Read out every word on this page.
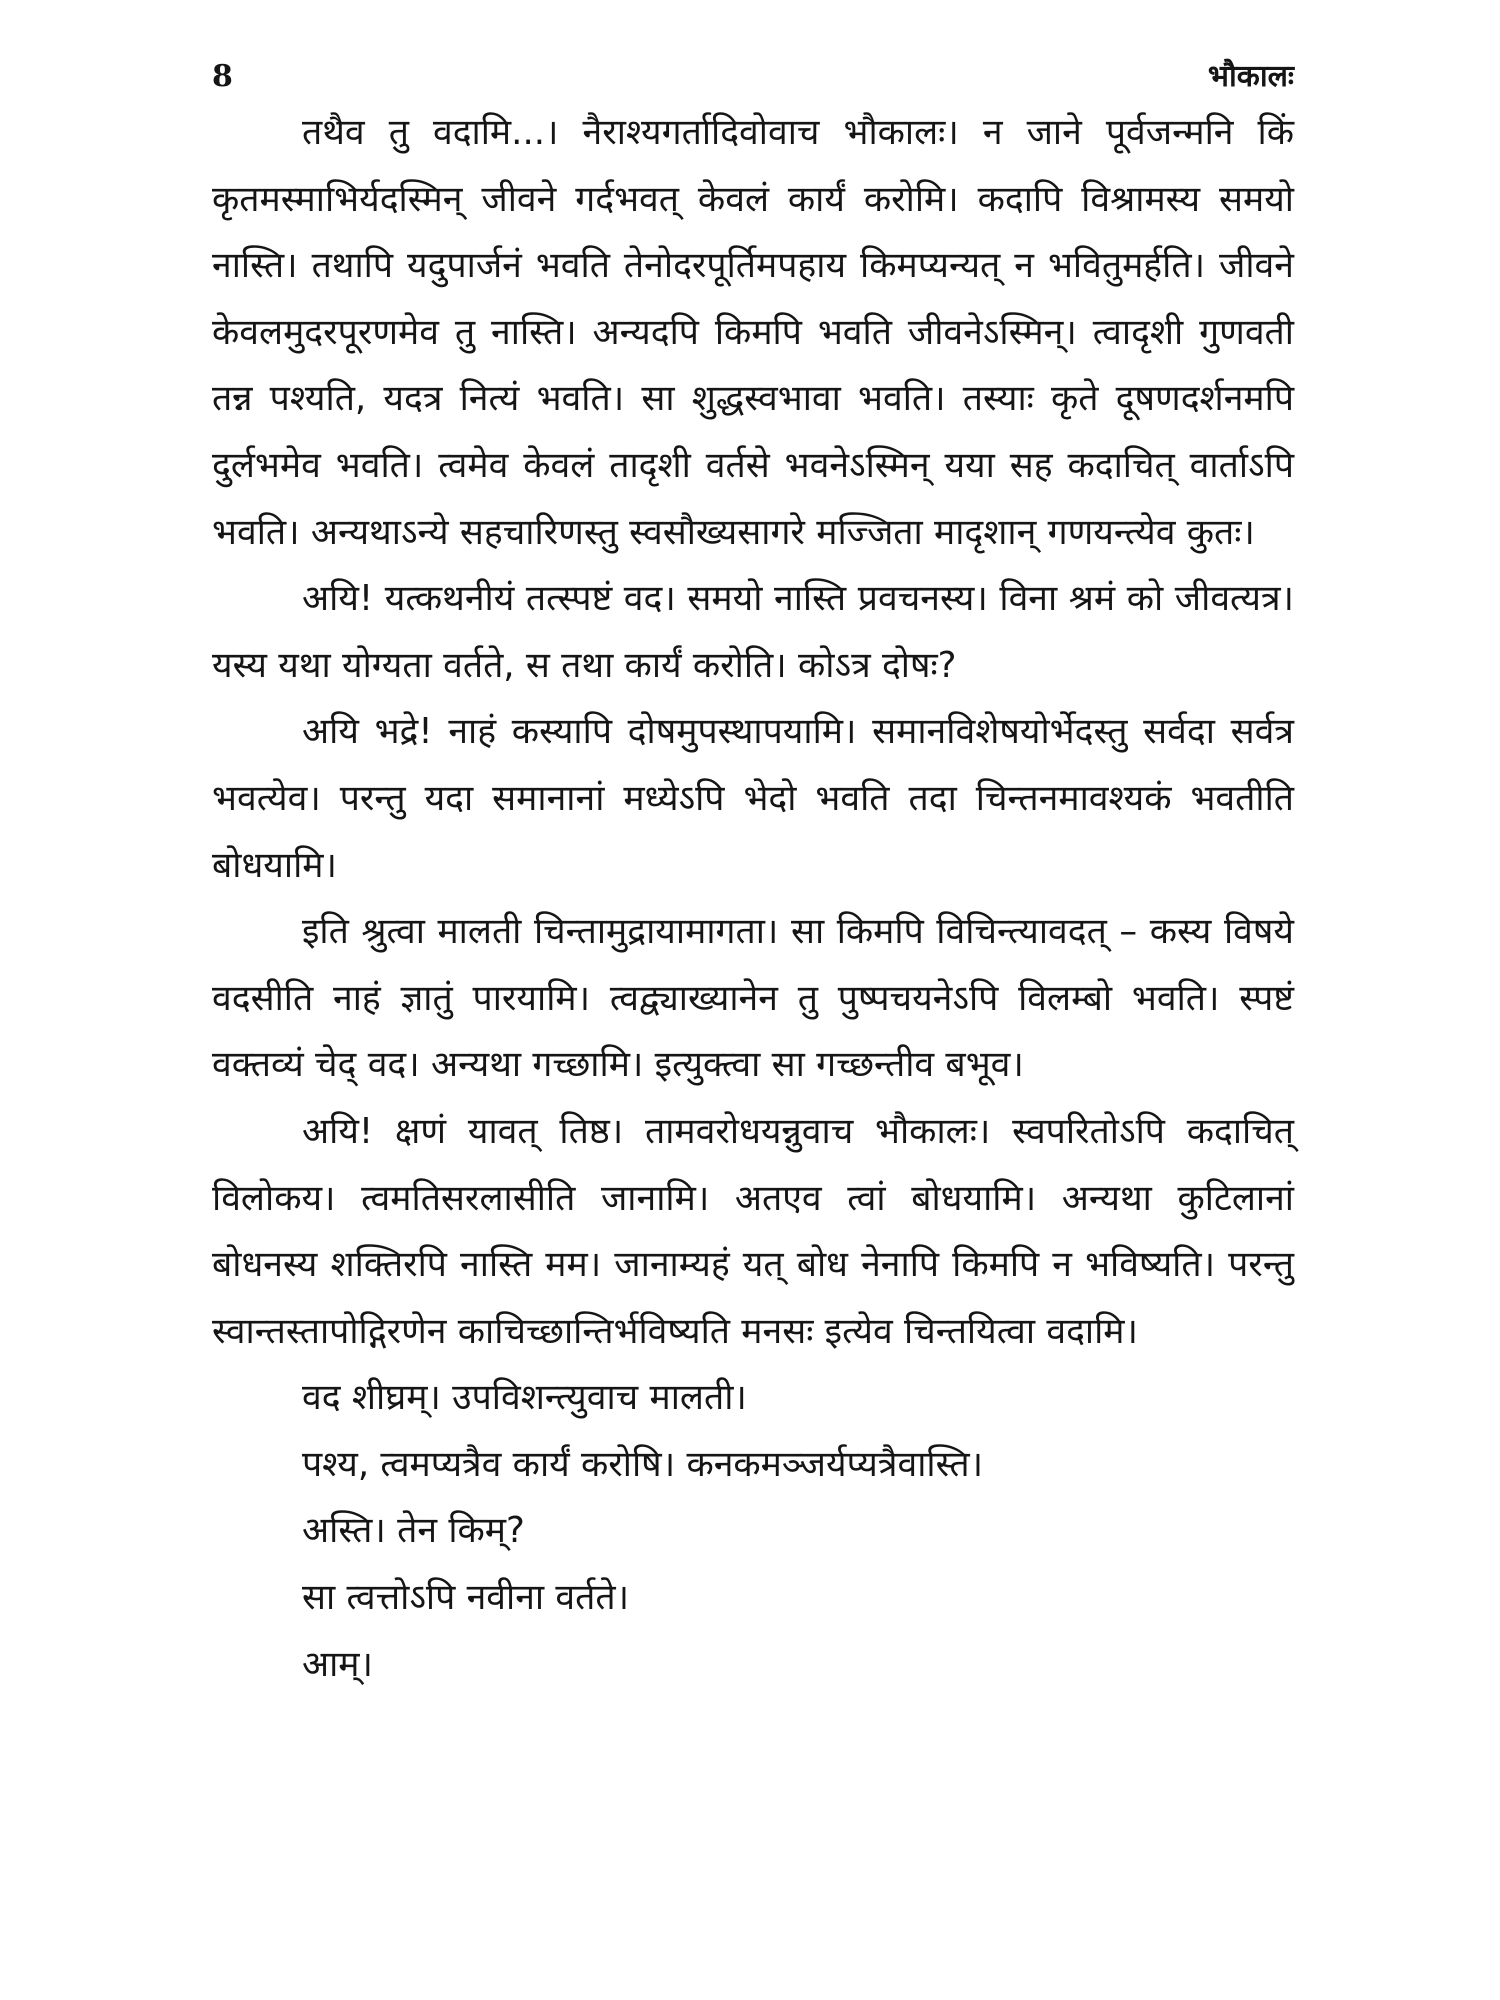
8	भौकालः

तथैव तु वदामि...। नैराश्यगर्तादिवोवाच भौकालः। न जाने पूर्वजन्मनि किं कृतमस्माभिर्यदस्मिन् जीवने गर्दभवत् केवलं कार्यं करोमि। कदापि विश्रामस्य समयो नास्ति। तथापि यदुपार्जनं भवति तेनोदरपूर्तिमपहाय किमप्यन्यत् न भवितुमर्हति। जीवने केवलमुदरपूरणमेव तु नास्ति। अन्यदपि किमपि भवति जीवनेऽस्मिन्। त्वादृशी गुणवती तन्न पश्यति, यदत्र नित्यं भवति। सा शुद्धस्वभावा भवति। तस्याः कृते दूषणदर्शनमपि दुर्लभमेव भवति। त्वमेव केवलं तादृशी वर्तसे भवनेऽस्मिन् यया सह कदाचित् वार्ताऽपि भवति। अन्यथाऽन्ये सहचारिणस्तु स्वसौख्यसागरे मज्जिता मादृशान् गणयन्त्येव कुतः।

अयि! यत्कथनीयं तत्स्पष्टं वद। समयो नास्ति प्रवचनस्य। विना श्रमं को जीवत्यत्र। यस्य यथा योग्यता वर्तते, स तथा कार्यं करोति। कोऽत्र दोषः?

अयि भद्रे! नाहं कस्यापि दोषमुपस्थापयामि। समानविशेषयोर्भेदस्तु सर्वदा सर्वत्र भवत्येव। परन्तु यदा समानानां मध्येऽपि भेदो भवति तदा चिन्तनमावश्यकं भवतीति बोधयामि।

इति श्रुत्वा मालती चिन्तामुद्रायामागता। सा किमपि विचिन्त्यावदत् – कस्य विषये वदसीति नाहं ज्ञातुं पारयामि। त्वद्व्याख्यानेन तु पुष्पचयनेऽपि विलम्बो भवति। स्पष्टं वक्तव्यं चेद् वद। अन्यथा गच्छामि। इत्युक्त्वा सा गच्छन्तीव बभूव।

अयि! क्षणं यावत् तिष्ठ। तामवरोधयन्नुवाच भौकालः। स्वपरितोऽपि कदाचित् विलोकय। त्वमतिसरलासीति जानामि। अतएव त्वां बोधयामि। अन्यथा कुटिलानां बोधनस्य शक्तिरपि नास्ति मम। जानाम्यहं यत् बोध नेनापि किमपि न भविष्यति। परन्तु स्वान्तस्तापोद्गिरणेन काचिच्छान्तिर्भविष्यति मनसः इत्येव चिन्तयित्वा वदामि।

वद शीघ्रम्। उपविशन्त्युवाच मालती।

पश्य, त्वमप्यत्रैव कार्यं करोषि। कनकमञ्जर्यप्यत्रैवास्ति।

अस्ति। तेन किम्?

सा त्वत्तोऽपि नवीना वर्तते।

आम्।
